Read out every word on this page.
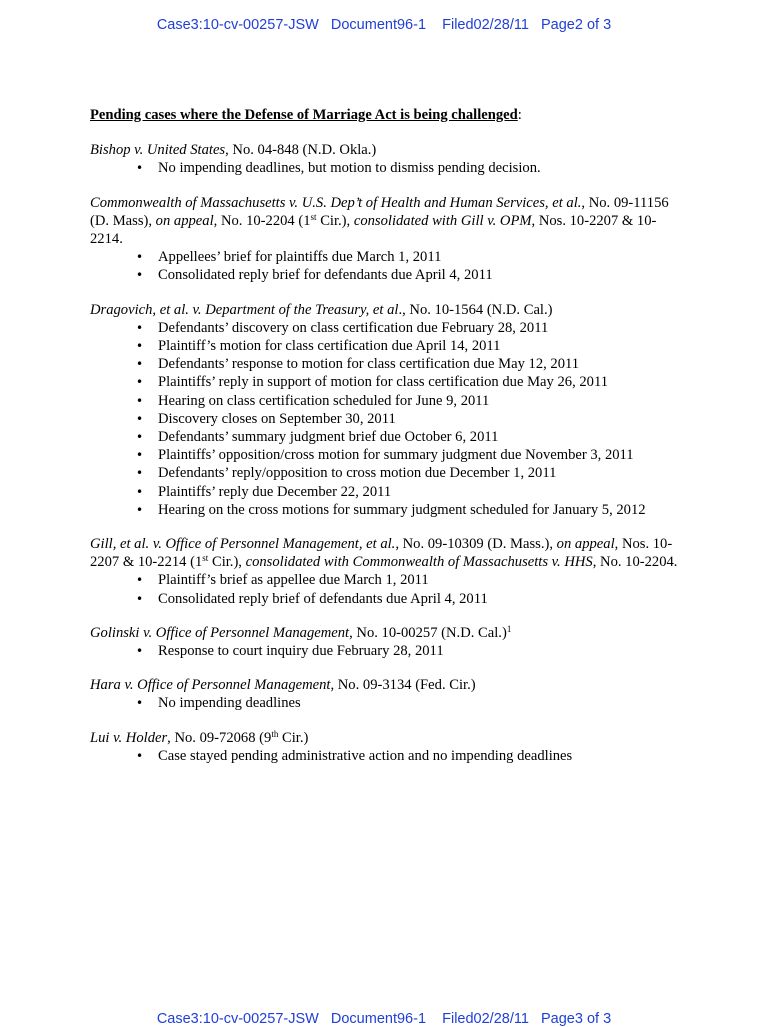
Case3:10-cv-00257-JSW   Document96-1    Filed02/28/11   Page2 of 3

Pending cases where the Defense of Marriage Act is being challenged:

Bishop v. United States, No. 04-848 (N.D. Okla.)

• No impending deadlines, but motion to dismiss pending decision.

Commonwealth of Massachusetts v. U.S. Dep’t of Health and Human Services, et al., No. 09-11156 (D. Mass), on appeal, No. 10-2204 (1st Cir.), consolidated with Gill v. OPM, Nos. 10-2207 & 10-2214.

• Appellees’ brief for plaintiffs due March 1, 2011
• Consolidated reply brief for defendants due April 4, 2011

Dragovich, et al. v. Department of the Treasury, et al., No. 10-1564 (N.D. Cal.)

• Defendants’ discovery on class certification due February 28, 2011
• Plaintiff’s motion for class certification due April 14, 2011
• Defendants’ response to motion for class certification due May 12, 2011
• Plaintiffs’ reply in support of motion for class certification due May 26, 2011
• Hearing on class certification scheduled for June 9, 2011
• Discovery closes on September 30, 2011
• Defendants’ summary judgment brief due October 6, 2011
• Plaintiffs’ opposition/cross motion for summary judgment due November 3, 2011
• Defendants’ reply/opposition to cross motion due December 1, 2011
• Plaintiffs’ reply due December 22, 2011
• Hearing on the cross motions for summary judgment scheduled for January 5, 2012

Gill, et al. v. Office of Personnel Management, et al., No. 09-10309 (D. Mass.), on appeal, Nos. 10-2207 & 10-2214 (1st Cir.), consolidated with Commonwealth of Massachusetts v. HHS, No. 10-2204.

• Plaintiff’s brief as appellee due March 1, 2011
• Consolidated reply brief of defendants due April 4, 2011

Golinski v. Office of Personnel Management, No. 10-00257 (N.D. Cal.)$^1$

• Response to court inquiry due February 28, 2011

Hara v. Office of Personnel Management, No. 09-3134 (Fed. Cir.)

• No impending deadlines

Lui v. Holder, No. 09-72068 (9th Cir.)

• Case stayed pending administrative action and no impending deadlines
Case3:10-cv-00257-JSW   Document96-1    Filed02/28/11   Page3 of 3
